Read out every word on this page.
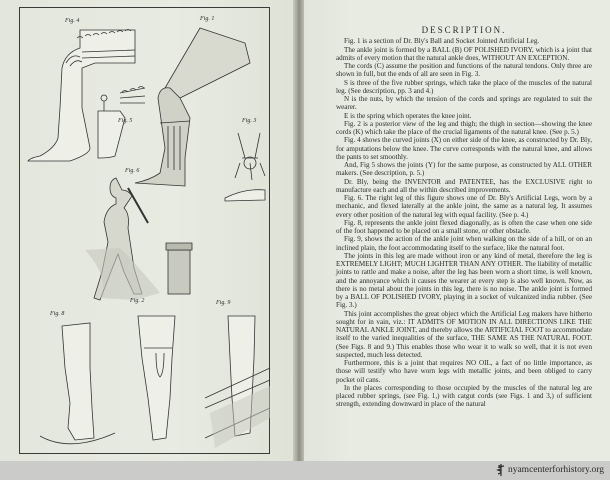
Fig. 4	Fig. 1
Fig. 5	Fig. 3
Fig. 6
Fig. 8
Fig. 2	Fig. 9
DESCRIPTION.

Fig. 1 is a section of Dr. Bly's Ball and Socket Jointed Artificial Leg.

The ankle joint is formed by a BALL (B) OF POLISHED IVORY, which is a joint that admits of every motion that the natural ankle does, WITHOUT AN EXCEPTION.

The cords (C) assume the position and functions of the natural tendons. Only three are shown in full, but the ends of all are seen in Fig. 3.

S is three of the five rubber springs, which take the place of the muscles of the natural leg. (See description, pp. 3 and 4.)

N is the nuts, by which the tension of the cords and springs are regulated to suit the wearer.

E is the spring which operates the knee joint.

Fig. 2 is a posterior view of the leg and thigh; the thigh in section—showing the knee cords (K) which take the place of the crucial ligaments of the natural knee. (See p. 5.)

Fig. 4 shows the curved joints (X) on either side of the knee, as constructed by Dr. Bly, for amputations below the knee. The curve corresponds with the natural knee, and allows the pants to set smoothly.

And, Fig 5 shows the joints (Y) for the same purpose, as constructed by ALL OTHER makers. (See description, p. 5.)

Dr. Bly, being the INVENTOR and PATENTEE, has the EXCLUSIVE right to manufacture each and all the within described improvements.

Fig. 6. The right leg of this figure shows one of Dr. Bly's Artificial Legs, worn by a mechanic, and flexed laterally at the ankle joint, the same as a natural leg. It assumes every other position of the natural leg with equal facility. (See p. 4.)

Fig. 8, represents the ankle joint flexed diagonally, as is often the case when one side of the foot happened to be placed on a small stone, or other obstacle.

Fig. 9, shows the action of the ankle joint when walking on the side of a hill, or on an inclined plain, the foot accommodating itself to the surface, like the natural foot.

The joints in this leg are made without iron or any kind of metal, therefore the leg is EXTREMELY LIGHT; MUCH LIGHTER THAN ANY OTHER. The liability of metallic joints to rattle and make a noise, after the leg has been worn a short time, is well known, and the annoyance which it causes the wearer at every step is also well known. Now, as there is no metal about the joints in this leg, there is no noise. The ankle joint is formed by a BALL OF POLISHED IVORY, playing in a socket of vulcanized india rubber. (See Fig. 3.)

This joint accomplishes the great object which the Artificial Leg makers have hitherto sought for in vain, viz.: IT ADMITS OF MOTION IN ALL DIRECTIONS LIKE THE NATURAL ANKLE JOINT, and thereby allows the ARTIFICIAL FOOT to accommodate itself to the varied inequalities of the surface, THE SAME AS THE NATURAL FOOT. (See Figs. 8 and 9.) This enables those who wear it to walk so well, that it is not even suspected, much less detected.

Furthermore, this is a joint that requires NO OIL, a fact of no little importance, as those will testify who have worn legs with metallic joints, and been obliged to carry pocket oil cans.

In the places corresponding to those occupied by the muscles of the natural leg are placed rubber springs, (see Fig. 1,) with catgut cords (see Figs. 1 and 3,) of sufficient strength, extending downward in place of the natural

nyamcenterforhistory.org
